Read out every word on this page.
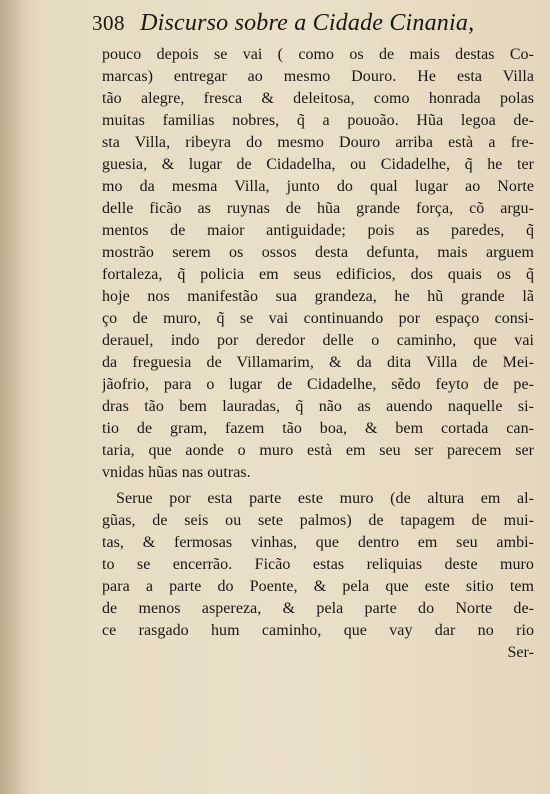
308 Discurso sobre a Cidade Cinania,
pouco depois se vai ( como os de mais destas Co-
marcas) entregar ao mesmo Douro. He esta Villa
tão alegre, fresca & deleitosa, como honrada polas
muitas familias nobres, q̃ a pouoão. Hũa legoa de-
sta Villa, ribeyra do mesmo Douro arriba està a fre-
guesia, & lugar de Cidadelha, ou Cidadelhe, q̃ he ter
mo da mesma Villa, junto do qual lugar ao Norte
delle ficão as ruynas de hũa grande força, cõ argu-
mentos de maior antiguidade; pois as paredes, q̃
mostrão serem os ossos desta defunta, mais arguem
fortaleza, q̃ policia em seus edificios, dos quais os q̃
hoje nos manifestão sua grandeza, he hũ grande lã
ço de muro, q̃ se vai continuando por espaço consi-
derauel, indo por deredor delle o caminho, que vai
da freguesia de Villamarim, & da dita Villa de Mei-
jãofrio, para o lugar de Cidadelhe, sẽdo feyto de pe-
dras tão bem lauradas, q̃ não as auendo naquelle si-
tio de gram, fazem tão boa, & bem cortada can-
taria, que aonde o muro està em seu ser parecem ser
vnidas hũas nas outras.
Serue por esta parte este muro (de altura em al-
gũas, de seis ou sete palmos) de tapagem de mui-
tas, & fermosas vinhas, que dentro em seu ambi-
to se encerrão. Ficão estas reliquias deste muro
para a parte do Poente, & pela que este sitio tem
de menos aspereza, & pela parte do Norte de-
ce rasgado hum caminho, que vay dar no rio
Ser-
